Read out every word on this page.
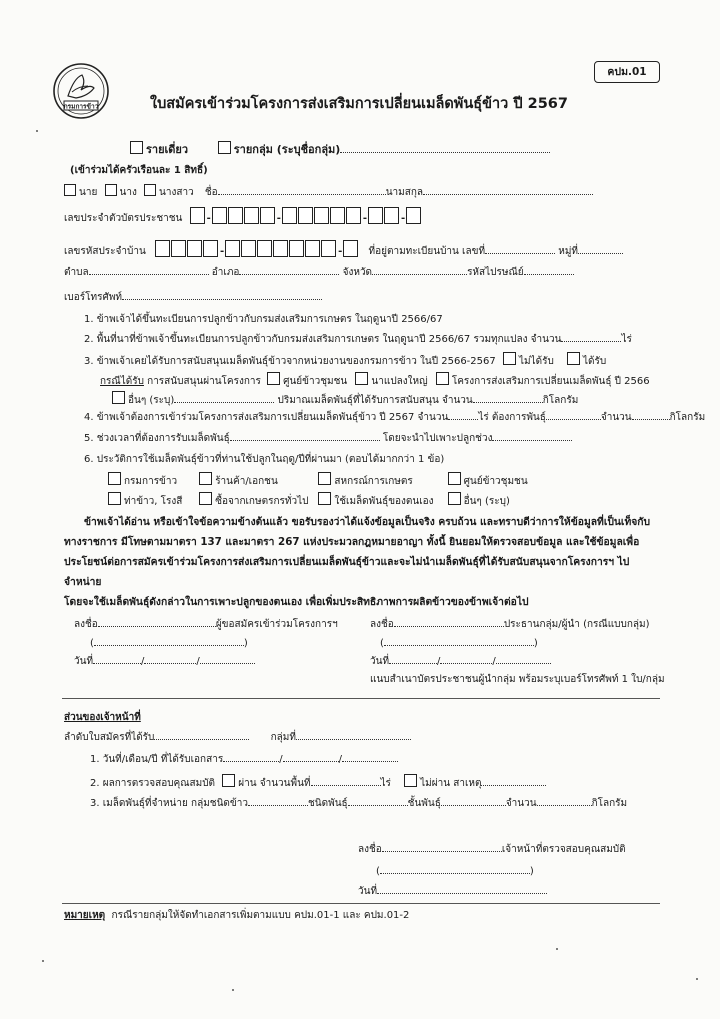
กรมการข้าว
คปม.01
ใบสมัครเข้าร่วมโครงการส่งเสริมการเปลี่ยนเมล็ดพันธุ์ข้าว ปี 2567
รายเดี่ยว	รายกลุ่ม (ระบุชื่อกลุ่ม)
(เข้าร่วมได้ครัวเรือนละ 1 สิทธิ์)
นาย นาง นางสาว ชื่อ	นามสกุล
เลขประจำตัวบัตรประชาชน -	-	-	-
เลขรหัสประจำบ้าน	-	-	ที่อยู่ตามทะเบียนบ้าน เลขที่	หมู่ที่
ตำบล	อำเภอ	จังหวัด	รหัสไปรษณีย์
เบอร์โทรศัพท์
1. ข้าพเจ้าได้ขึ้นทะเบียนการปลูกข้าวกับกรมส่งเสริมการเกษตร ในฤดูนาปี 2566/67
2. พื้นที่นาที่ข้าพเจ้าขึ้นทะเบียนการปลูกข้าวกับกรมส่งเสริมการเกษตร ในฤดูนาปี 2566/67 รวมทุกแปลง จำนวน	ไร่
3. ข้าพเจ้าเคยได้รับการสนับสนุนเมล็ดพันธุ์ข้าวจากหน่วยงานของกรมการข้าว ในปี 2566-2567 ไม่ได้รับ	ได้รับ
กรณีได้รับ การสนับสนุนผ่านโครงการ ศูนย์ข้าวชุมชน นาแปลงใหญ่ โครงการส่งเสริมการเปลี่ยนเมล็ดพันธุ์ ปี 2566
อื่นๆ (ระบุ)	ปริมาณเมล็ดพันธุ์ที่ได้รับการสนับสนุน จำนวน	กิโลกรัม
4. ข้าพเจ้าต้องการเข้าร่วมโครงการส่งเสริมการเปลี่ยนเมล็ดพันธุ์ข้าว ปี 2567 จำนวน	ไร่ ต้องการพันธุ์	จำนวน	กิโลกรัม
5. ช่วงเวลาที่ต้องการรับเมล็ดพันธุ์	โดยจะนำไปเพาะปลูกช่วง
6. ประวัติการใช้เมล็ดพันธุ์ข้าวที่ท่านใช้ปลูกในฤดู/ปีที่ผ่านมา (ตอบได้มากกว่า 1 ข้อ)
กรมการข้าว	ร้านค้า/เอกชน	สหกรณ์การเกษตร	ศูนย์ข้าวชุมชน
ท่าข้าว, โรงสี	ซื้อจากเกษตรกรทั่วไป	ใช้เมล็ดพันธุ์ของตนเอง	อื่นๆ (ระบุ)
ข้าพเจ้าได้อ่าน หรือเข้าใจข้อความข้างต้นแล้ว ขอรับรองว่าได้แจ้งข้อมูลเป็นจริง ครบถ้วน และทราบดีว่าการให้ข้อมูลที่เป็นเท็จกับ
ทางราชการ มีโทษตามมาตรา 137 และมาตรา 267 แห่งประมวลกฎหมายอาญา ทั้งนี้ ยินยอมให้ตรวจสอบข้อมูล และใช้ข้อมูลเพื่อ
ประโยชน์ต่อการสมัครเข้าร่วมโครงการส่งเสริมการเปลี่ยนเมล็ดพันธุ์ข้าวและจะไม่นำเมล็ดพันธุ์ที่ได้รับสนับสนุนจากโครงการฯ ไปจำหน่าย
โดยจะใช้เมล็ดพันธุ์ดังกล่าวในการเพาะปลูกของตนเอง เพื่อเพิ่มประสิทธิภาพการผลิตข้าวของข้าพเจ้าต่อไป
ลงชื่อ	ผู้ขอสมัครเข้าร่วมโครงการฯ
(	)
วันที่	/	/
ลงชื่อ	ประธานกลุ่ม/ผู้นำ (กรณีแบบกลุ่ม)
(	)
วันที่	/	/
แนบสำเนาบัตรประชาชนผู้นำกลุ่ม พร้อมระบุเบอร์โทรศัพท์ 1 ใบ/กลุ่ม
ส่วนของเจ้าหน้าที่
ลำดับใบสมัครที่ได้รับ	กลุ่มที่
1. วันที่/เดือน/ปี ที่ได้รับเอกสาร	/	/
2. ผลการตรวจสอบคุณสมบัติ ผ่าน จำนวนพื้นที่	ไร่	ไม่ผ่าน สาเหตุ
3. เมล็ดพันธุ์ที่จำหน่าย กลุ่มชนิดข้าว	ชนิดพันธุ์	ชั้นพันธุ์	จำนวน	กิโลกรัม
ลงชื่อ	เจ้าหน้าที่ตรวจสอบคุณสมบัติ
(	)
วันที่
หมายเหตุ กรณีรายกลุ่มให้จัดทำเอกสารเพิ่มตามแบบ คปม.01-1 และ คปม.01-2
